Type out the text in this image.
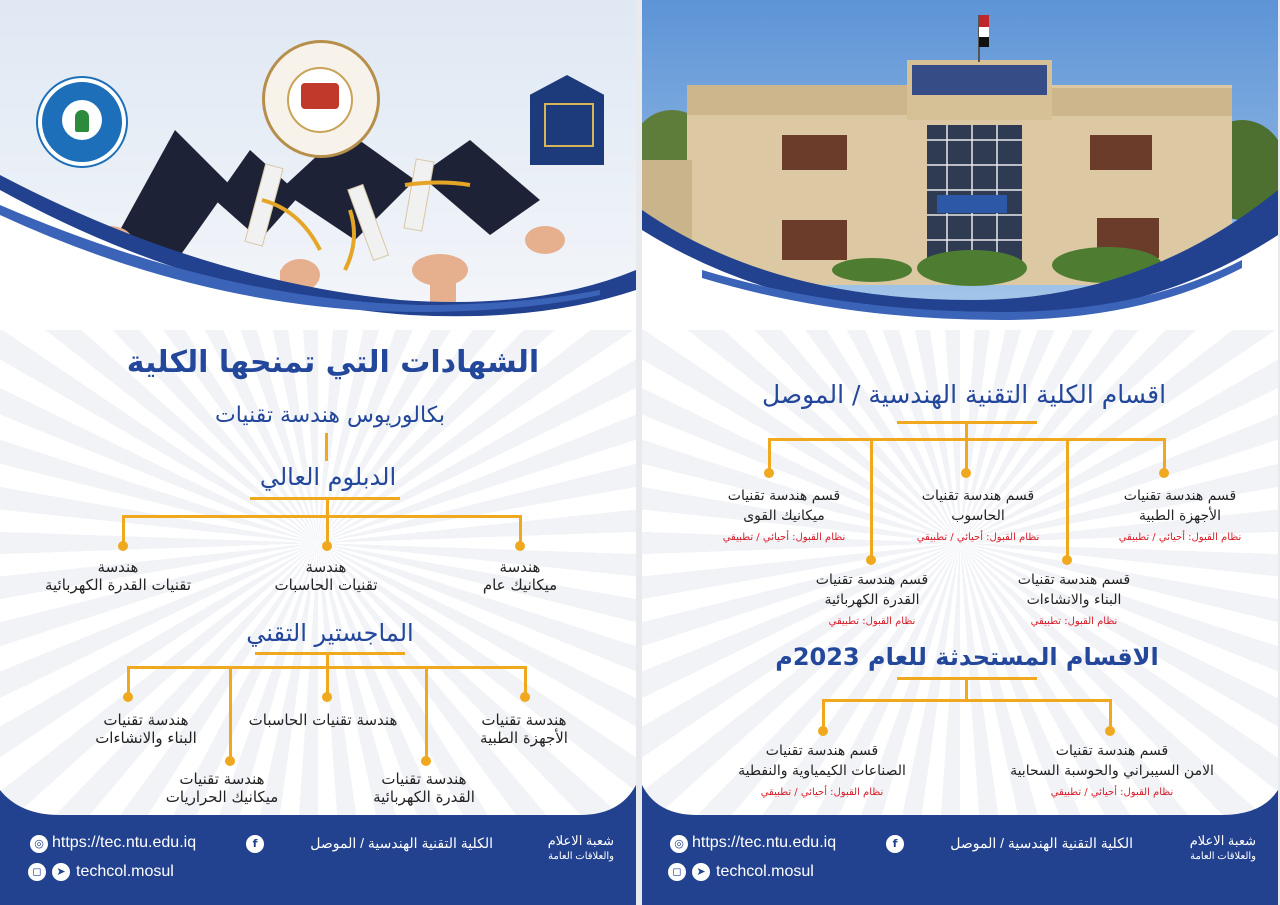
الشهادات التي تمنحها الكلية
بكالوريوس هندسة تقنيات
الدبلوم العالي
هندسة
ميكانيك عام
هندسة
تقنيات الحاسبات
هندسة
تقنيات القدرة الكهربائية
الماجستير التقني
هندسة تقنيات
الأجهزة الطبية
هندسة تقنيات
القدرة الكهربائية
هندسة تقنيات الحاسبات
هندسة تقنيات
ميكانيك الحراريات
هندسة تقنيات
البناء والانشاءات
◎ https://tec.ntu.edu.iq
◻	➤ techcol.mosul
f	الكلية التقنية الهندسية / الموصل	شعبة الاعلام
والعلاقات العامة
اقسام الكلية التقنية الهندسية / الموصل
قسم هندسة تقنيات
الأجهزة الطبية
نظام القبول: أحيائي / تطبيقي
قسم هندسة تقنيات
الحاسوب
نظام القبول: أحيائي / تطبيقي
قسم هندسة تقنيات
ميكانيك القوى
نظام القبول: أحيائي / تطبيقي
قسم هندسة تقنيات
البناء والانشاءات
نظام القبول: تطبيقي
قسم هندسة تقنيات
القدرة الكهربائية
نظام القبول: تطبيقي
الاقسام المستحدثة للعام 2023م
قسم هندسة تقنيات
الامن السيبراني والحوسبة السحابية
نظام القبول: أحيائي / تطبيقي
قسم هندسة تقنيات
الصناعات الكيمياوية والنفطية
نظام القبول: أحيائي / تطبيقي
◎ https://tec.ntu.edu.iq
◻	➤ techcol.mosul
f	الكلية التقنية الهندسية / الموصل	شعبة الاعلام
والعلاقات العامة
